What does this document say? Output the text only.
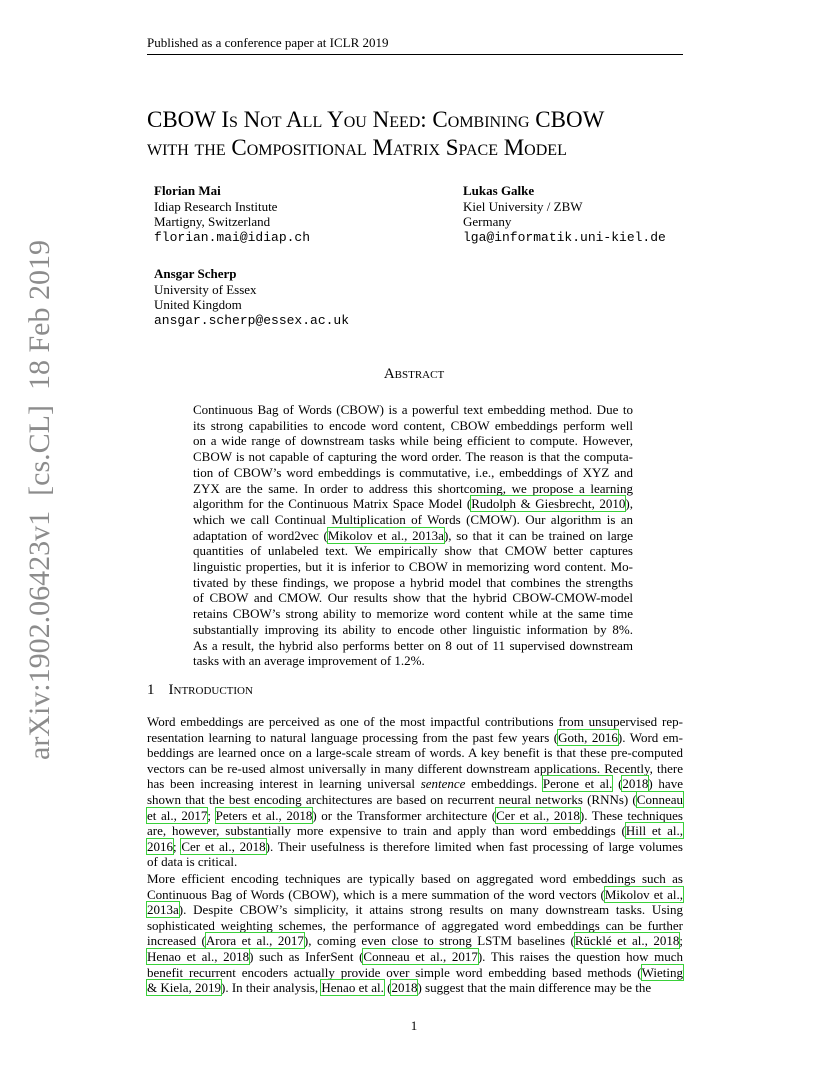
Published as a conference paper at ICLR 2019
arXiv:1902.06423v1  [cs.CL]  18 Feb 2019
CBOW Is Not All You Need: Combining CBOW
with the Compositional Matrix Space Model
Florian Mai
Idiap Research Institute
Martigny, Switzerland
florian.mai@idiap.ch
Lukas Galke
Kiel University / ZBW
Germany
lga@informatik.uni-kiel.de
Ansgar Scherp
University of Essex
United Kingdom
ansgar.scherp@essex.ac.uk
Abstract
Continuous Bag of Words (CBOW) is a powerful text embedding method. Due to
its strong capabilities to encode word content, CBOW embeddings perform well
on a wide range of downstream tasks while being efficient to compute. However,
CBOW is not capable of capturing the word order. The reason is that the computa-
tion of CBOW’s word embeddings is commutative, i.e., embeddings of XYZ and
ZYX are the same. In order to address this shortcoming, we propose a learning
algorithm for the Continuous Matrix Space Model (Rudolph & Giesbrecht, 2010),
which we call Continual Multiplication of Words (CMOW). Our algorithm is an
adaptation of word2vec (Mikolov et al., 2013a), so that it can be trained on large
quantities of unlabeled text. We empirically show that CMOW better captures
linguistic properties, but it is inferior to CBOW in memorizing word content. Mo-
tivated by these findings, we propose a hybrid model that combines the strengths
of CBOW and CMOW. Our results show that the hybrid CBOW-CMOW-model
retains CBOW’s strong ability to memorize word content while at the same time
substantially improving its ability to encode other linguistic information by 8%.
As a result, the hybrid also performs better on 8 out of 11 supervised downstream
tasks with an average improvement of 1.2%.
1 Introduction
Word embeddings are perceived as one of the most impactful contributions from unsupervised rep-
resentation learning to natural language processing from the past few years (Goth, 2016). Word em-
beddings are learned once on a large-scale stream of words. A key benefit is that these pre-computed
vectors can be re-used almost universally in many different downstream applications. Recently, there
has been increasing interest in learning universal sentence embeddings. Perone et al. (2018) have
shown that the best encoding architectures are based on recurrent neural networks (RNNs) (Conneau
et al., 2017; Peters et al., 2018) or the Transformer architecture (Cer et al., 2018). These techniques
are, however, substantially more expensive to train and apply than word embeddings (Hill et al.,
2016; Cer et al., 2018). Their usefulness is therefore limited when fast processing of large volumes
of data is critical.
More efficient encoding techniques are typically based on aggregated word embeddings such as
Continuous Bag of Words (CBOW), which is a mere summation of the word vectors (Mikolov et al.,
2013a). Despite CBOW’s simplicity, it attains strong results on many downstream tasks. Using
sophisticated weighting schemes, the performance of aggregated word embeddings can be further
increased (Arora et al., 2017), coming even close to strong LSTM baselines (Rücklé et al., 2018;
Henao et al., 2018) such as InferSent (Conneau et al., 2017). This raises the question how much
benefit recurrent encoders actually provide over simple word embedding based methods (Wieting
& Kiela, 2019). In their analysis, Henao et al. (2018) suggest that the main difference may be the
1
